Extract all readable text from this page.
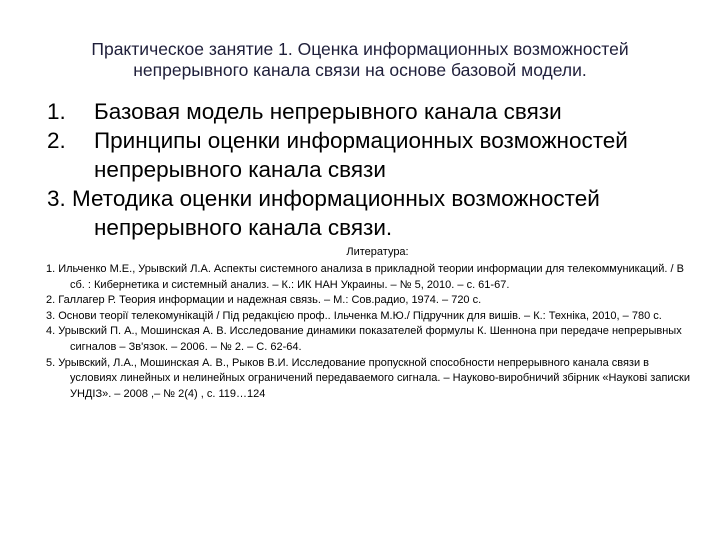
Практическое занятие 1. Оценка информационных возможностей
непрерывного канала связи на основе базовой модели.
1. Базовая модель непрерывного канала связи
2. Принципы оценки информационных возможностей непрерывного канала связи
3. Методика оценки информационных возможностей непрерывного канала связи.
Литература:

1. Ильченко М.Е., Урывский Л.А. Аспекты системного анализа в прикладной теории информации для телекоммуникаций. / В сб. : Кибернетика и системный анализ. – К.: ИК НАН Украины. – № 5, 2010. – с. 61-67.

2. Галлагер Р. Теория информации и надежная связь. – М.: Сов.радио, 1974. – 720 с.

3. Основи теорії телекомунікацій / Під редакцією проф.. Ільченка М.Ю./ Підручник для вишів. – К.: Техніка, 2010, – 780 с.

4. Урывский П. А., Мошинская А. В. Исследование динамики показателей формулы К. Шеннона при передаче непрерывных сигналов – Зв'язок. – 2006. – № 2. – С. 62-64.

5. Урывский, Л.А., Мошинская А. В., Рыков В.И. Исследование пропускной способности непрерывного канала связи в условиях линейных и нелинейных ограничений передаваемого сигнала. – Науково-виробничий збірник «Наукові записки УНДІЗ». – 2008 ,– № 2(4) , с. 119…124
